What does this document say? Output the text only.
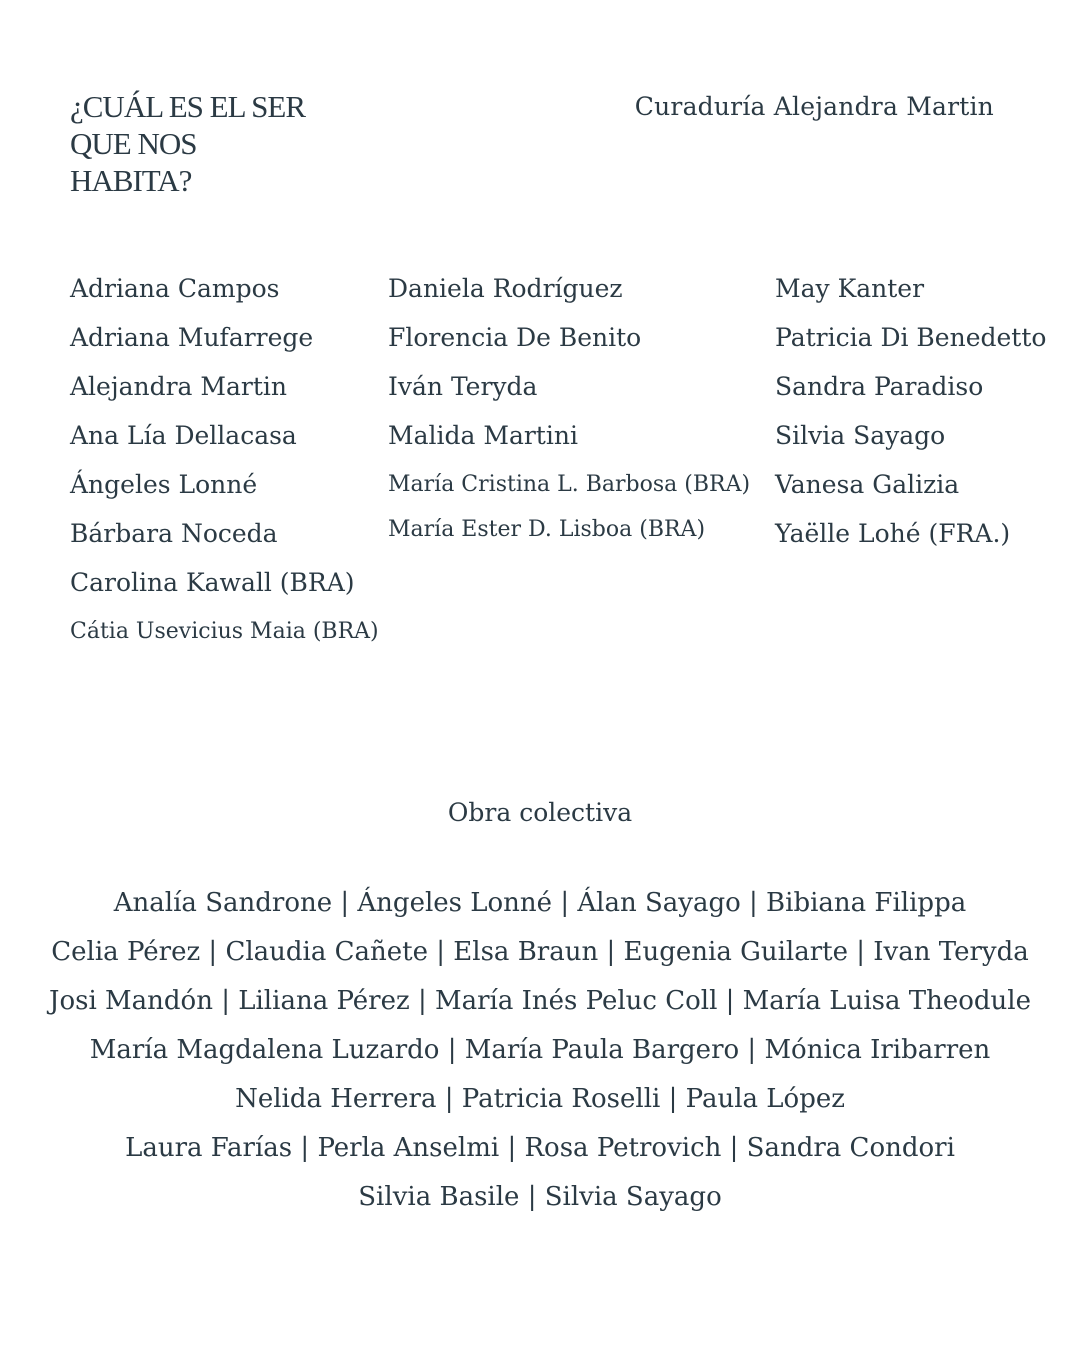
¿CUÁL ES EL SER
QUE NOS
HABITA?
Curaduría Alejandra Martin
Adriana Campos
Adriana Mufarrege
Alejandra Martin
Ana Lía Dellacasa
Ángeles Lonné
Bárbara Noceda
Carolina Kawall (BRA)
Cátia Usevicius Maia (BRA)
Daniela Rodríguez
Florencia De Benito
Iván Teryda
Malida Martini
María Cristina L. Barbosa (BRA)
María Ester D. Lisboa (BRA)
May Kanter
Patricia Di Benedetto
Sandra Paradiso
Silvia Sayago
Vanesa Galizia
Yaëlle Lohé (FRA.)
Obra colectiva
Analía Sandrone | Ángeles Lonné | Álan Sayago | Bibiana Filippa
Celia Pérez | Claudia Cañete | Elsa Braun | Eugenia Guilarte | Ivan Teryda
Josi Mandón | Liliana Pérez | María Inés Peluc Coll | María Luisa Theodule
María Magdalena Luzardo | María Paula Bargero | Mónica Iribarren
Nelida Herrera | Patricia Roselli | Paula López
Laura Farías | Perla Anselmi | Rosa Petrovich | Sandra Condori
Silvia Basile | Silvia Sayago
